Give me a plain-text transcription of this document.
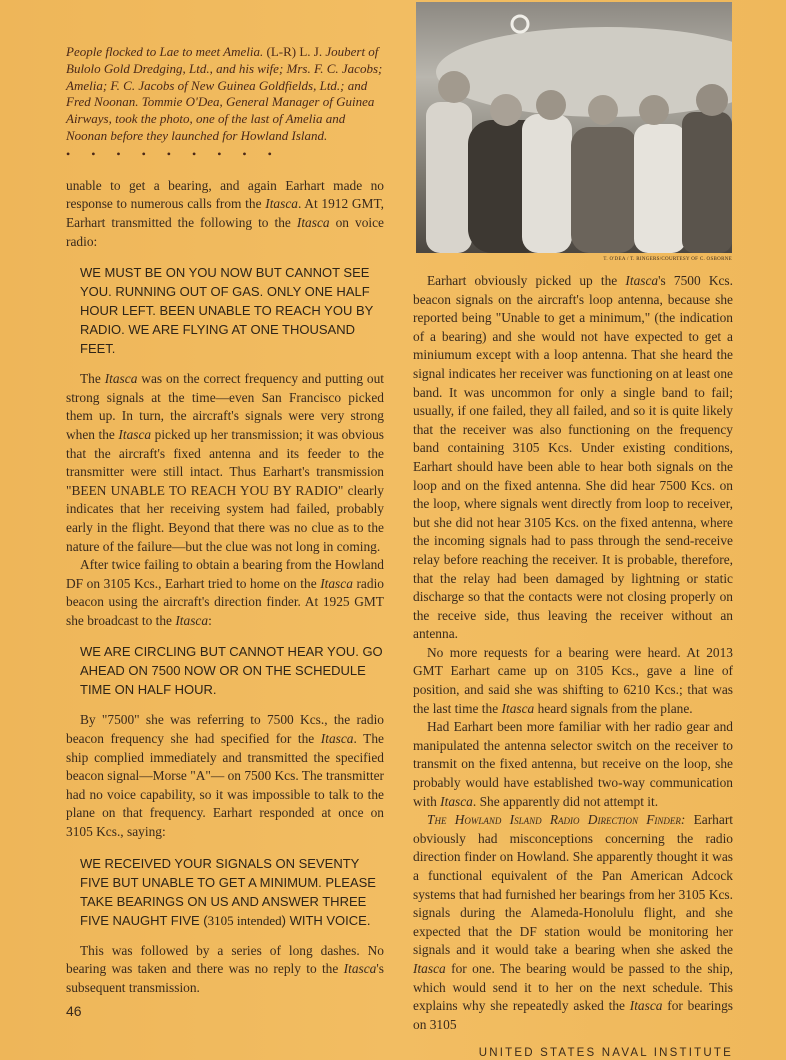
T. O'DEA / T. RINGERS/COURTESY OF C. OSBORNE
People flocked to Lae to meet Amelia. (L-R) L. J. Joubert of Bulolo Gold Dredging, Ltd., and his wife; Mrs. F. C. Jacobs; Amelia; F. C. Jacobs of New Guinea Goldfields, Ltd.; and Fred Noonan. Tommie O'Dea, General Manager of Guinea Airways, took the photo, one of the last of Amelia and Noonan before they launched for Howland Island.
• • • • • • • • •

unable to get a bearing, and again Earhart made no response to numerous calls from the Itasca. At 1912 GMT, Earhart transmitted the following to the Itasca on voice radio:

WE MUST BE ON YOU NOW BUT CANNOT SEE YOU. RUNNING OUT OF GAS. ONLY ONE HALF HOUR LEFT. BEEN UNABLE TO REACH YOU BY RADIO. WE ARE FLYING AT ONE THOUSAND FEET.

The Itasca was on the correct frequency and putting out strong signals at the time—even San Francisco picked them up. In turn, the aircraft's signals were very strong when the Itasca picked up her transmission; it was obvious that the aircraft's fixed antenna and its feeder to the transmitter were still intact. Thus Earhart's transmission "BEEN UNABLE TO REACH YOU BY RADIO" clearly indicates that her receiving system had failed, probably early in the flight. Beyond that there was no clue as to the nature of the failure—but the clue was not long in coming.

After twice failing to obtain a bearing from the Howland DF on 3105 Kcs., Earhart tried to home on the Itasca radio beacon using the aircraft's direction finder. At 1925 GMT she broadcast to the Itasca:

WE ARE CIRCLING BUT CANNOT HEAR YOU. GO AHEAD ON 7500 NOW OR ON THE SCHEDULE TIME ON HALF HOUR.

By "7500" she was referring to 7500 Kcs., the radio beacon frequency she had specified for the Itasca. The ship complied immediately and transmitted the specified beacon signal—Morse "A"— on 7500 Kcs. The transmitter had no voice capability, so it was impossible to talk to the plane on that frequency. Earhart responded at once on 3105 Kcs., saying:

WE RECEIVED YOUR SIGNALS ON SEVENTY FIVE BUT UNABLE TO GET A MINIMUM. PLEASE TAKE BEARINGS ON US AND ANSWER THREE FIVE NAUGHT FIVE (3105 intended) WITH VOICE.

This was followed by a series of long dashes. No bearing was taken and there was no reply to the Itasca's subsequent transmission.

46

Earhart obviously picked up the Itasca's 7500 Kcs. beacon signals on the aircraft's loop antenna, because she reported being "Unable to get a minimum," (the indication of a bearing) and she would not have expected to get a miniumum except with a loop antenna. That she heard the signal indicates her receiver was functioning on at least one band. It was uncommon for only a single band to fail; usually, if one failed, they all failed, and so it is quite likely that the receiver was also functioning on the frequency band containing 3105 Kcs. Under existing conditions, Earhart should have been able to hear both signals on the loop and on the fixed antenna. She did hear 7500 Kcs. on the loop, where signals went directly from loop to receiver, but she did not hear 3105 Kcs. on the fixed antenna, where the incoming signals had to pass through the send-receive relay before reaching the receiver. It is probable, therefore, that the relay had been damaged by lightning or static discharge so that the contacts were not closing properly on the receive side, thus leaving the receiver without an antenna.

No more requests for a bearing were heard. At 2013 GMT Earhart came up on 3105 Kcs., gave a line of position, and said she was shifting to 6210 Kcs.; that was the last time the Itasca heard signals from the plane.

Had Earhart been more familiar with her radio gear and manipulated the antenna selector switch on the receiver to transmit on the fixed antenna, but receive on the loop, she probably would have established two-way communication with Itasca. She apparently did not attempt it.

The Howland Island Radio Direction Finder: Earhart obviously had misconceptions concerning the radio direction finder on Howland. She apparently thought it was a functional equivalent of the Pan American Adcock systems that had furnished her bearings from her 3105 Kcs. signals during the Alameda-Honolulu flight, and she expected that the DF station would be monitoring her signals and it would take a bearing when she asked the Itasca for one. The bearing would be passed to the ship, which would send it to her on the next schedule. This explains why she repeatedly asked the Itasca for bearings on 3105

UNITED STATES NAVAL INSTITUTE
